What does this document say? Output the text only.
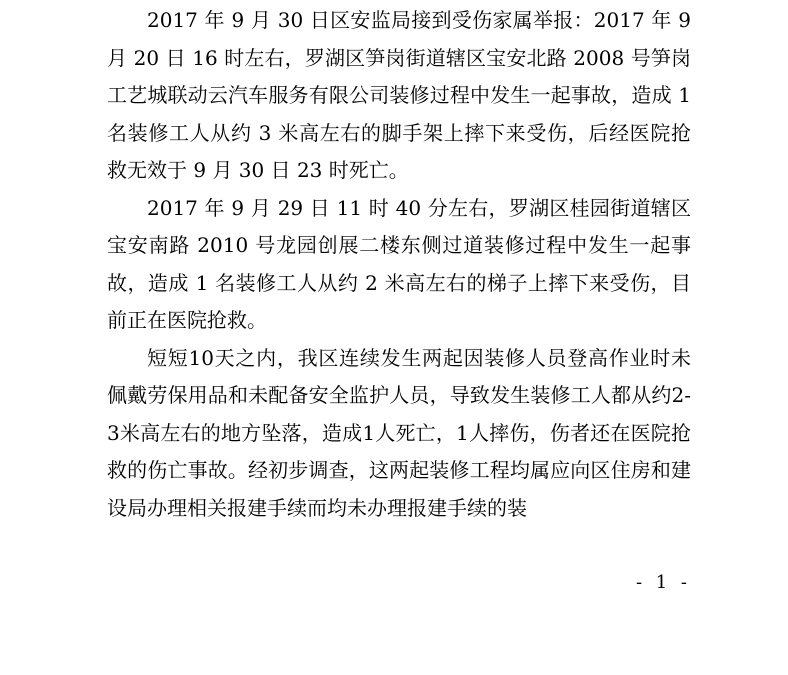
2017 年 9 月 30 日区安监局接到受伤家属举报：2017 年 9 月 20 日 16 时左右，罗湖区笋岗街道辖区宝安北路 2008 号笋岗工艺城联动云汽车服务有限公司装修过程中发生一起事故，造成 1 名装修工人从约 3 米高左右的脚手架上摔下来受伤，后经医院抢救无效于 9 月 30 日 23 时死亡。

2017 年 9 月 29 日 11 时 40 分左右，罗湖区桂园街道辖区宝安南路 2010 号龙园创展二楼东侧过道装修过程中发生一起事故，造成 1 名装修工人从约 2 米高左右的梯子上摔下来受伤，目前正在医院抢救。

短短10天之内，我区连续发生两起因装修人员登高作业时未佩戴劳保用品和未配备安全监护人员，导致发生装修工人都从约2-3米高左右的地方坠落，造成1人死亡，1人摔伤，伤者还在医院抢救的伤亡事故。经初步调查，这两起装修工程均属应向区住房和建设局办理相关报建手续而均未办理报建手续的装

- 1 -
